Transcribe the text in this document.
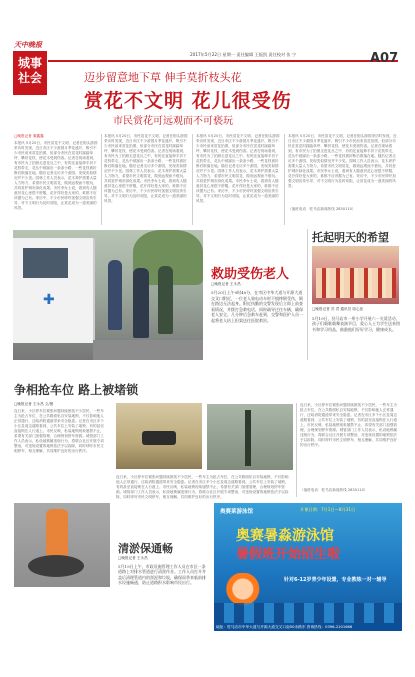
天中晚报
城事
社会
2017年5月22日 星期一 责任编辑 王振凯 责任校对 张 宁	A07
迈步留意地下草 伸手莫折枝头花
赏花不文明 花儿很受伤
市民赏花可远观而不可亵玩
□晚报记者 秦鑫鑫
本报讯 5月20日，市民赏花不文明，记者在街头游园采访时发现，近日市区不少游园月季花盛开，吸引不少市民前来赏花拍照，但部分市民在赏花时踩踏草坪、攀折花枝，使花木受到伤害。记者在现场看到，有市民为了拍照走进花丛之中，有的还直接伸手折下花枝带走，花丛中被踩出一条条小路，一些花枝被折断后散落在地。随后记者走访多个游园，发现类似情况并不少见。园林工作人员表示，花木养护需要大量人力物力，希望市民文明赏花，做到远观而不亵玩，共同爱护城市绿化成果。市民李女士说，看到有人随意折花心里很不舒服，花开得好是大家的，谁都不应该据为己有。采访中，不少市民呼吁加强文明宣传引导，对不文明行为及时劝阻，让赏花成为一道美丽的风景。
本报讯 5月20日，市民赏花不文明，记者在街头游园采访时发现，近日市区不少游园月季花盛开，吸引不少市民前来赏花拍照，但部分市民在赏花时踩踏草坪、攀折花枝，使花木受到伤害。记者在现场看到，有市民为了拍照走进花丛之中，有的还直接伸手折下花枝带走，花丛中被踩出一条条小路，一些花枝被折断后散落在地。随后记者走访多个游园，发现类似情况并不少见。园林工作人员表示，花木养护需要大量人力物力，希望市民文明赏花，做到远观而不亵玩，共同爱护城市绿化成果。市民李女士说，看到有人随意折花心里很不舒服，花开得好是大家的，谁都不应该据为己有。采访中，不少市民呼吁加强文明宣传引导，对不文明行为及时劝阻，让赏花成为一道美丽的风景。
本报讯 5月20日，市民赏花不文明，记者在街头游园采访时发现，近日市区不少游园月季花盛开，吸引不少市民前来赏花拍照，但部分市民在赏花时踩踏草坪、攀折花枝，使花木受到伤害。记者在现场看到，有市民为了拍照走进花丛之中，有的还直接伸手折下花枝带走，花丛中被踩出一条条小路，一些花枝被折断后散落在地。随后记者走访多个游园，发现类似情况并不少见。园林工作人员表示，花木养护需要大量人力物力，希望市民文明赏花，做到远观而不亵玩，共同爱护城市绿化成果。市民李女士说，看到有人随意折花心里很不舒服，花开得好是大家的，谁都不应该据为己有。采访中，不少市民呼吁加强文明宣传引导，对不文明行为及时劝阻，让赏花成为一道美丽的风景。
本报讯 5月20日，市民赏花不文明，记者在街头游园采访时发现，近日市区不少游园月季花盛开，吸引不少市民前来赏花拍照，但部分市民在赏花时踩踏草坪、攀折花枝，使花木受到伤害。记者在现场看到，有市民为了拍照走进花丛之中，有的还直接伸手折下花枝带走，花丛中被踩出一条条小路，一些花枝被折断后散落在地。随后记者走访多个游园，发现类似情况并不少见。园林工作人员表示，花木养护需要大量人力物力，希望市民文明赏花，做到远观而不亵玩，共同爱护城市绿化成果。市民李女士说，看到有人随意折花心里很不舒服，花开得好是大家的，谁都不应该据为己有。采访中，不少市民呼吁加强文明宣传引导，对不文明行为及时劝阻，让赏花成为一道美丽的风景。
（值班电话：驻马店新闻热线 2830110）
✚
救助受伤老人
□晚报记者 王永昌
5月20日上午9时40分，在市区中华大道与开源大道交叉口附近，一位老人骑电动车时不慎摔倒受伤，倒在路边无法起身。附近执勤的交警发现后立即上前查看情况，并拨打急救电话，同时疏导过往车辆，确保老人安全。几分钟后急救车赶到，交警和医护人员一起将老人抬上担架送往医院救治。
托起明天的希望
□晚报记者 苏 君 通讯员 周心蕊
5月19日，驻马店市一所小学开展六一关爱活动，孩子们载歌载舞表演节目，爱心人士为学生送来图书和学习用品，鼓励他们好好学习，健康成长。
争相抢车位 路上被堵锁
□晚报记者 王永昌 文/图
连日来，小区停车位紧张问题持续困扰不少居民，一些车主为抢占车位，在公共路面私自安装地锁，不仅影响他人正常通行，还给消防通道带来安全隐患。记者在市区多个小区及周边道路看到，公共车位上安装了地锁，有的甚至直接锁在人行道上。市民反映，私装地锁现象屡禁不止，希望有关部门加强管理，合理规划停车资源。城管部门工作人员表示，私设地锁属违规行为，将联合社区开展专项整治，对违规设置的地锁依法予以拆除，同时呼吁市民文明停车，相互理解，共同维护良好的出行秩序。
连日来，小区停车位紧张问题持续困扰不少居民，一些车主为抢占车位，在公共路面私自安装地锁，不仅影响他人正常通行，还给消防通道带来安全隐患。记者在市区多个小区及周边道路看到，公共车位上安装了地锁，有的甚至直接锁在人行道上。市民反映，私装地锁现象屡禁不止，希望有关部门加强管理，合理规划停车资源。城管部门工作人员表示，私设地锁属违规行为，将联合社区开展专项整治，对违规设置的地锁依法予以拆除，同时呼吁市民文明停车，相互理解，共同维护良好的出行秩序。
连日来，小区停车位紧张问题持续困扰不少居民，一些车主为抢占车位，在公共路面私自安装地锁，不仅影响他人正常通行，还给消防通道带来安全隐患。记者在市区多个小区及周边道路看到，公共车位上安装了地锁，有的甚至直接锁在人行道上。市民反映，私装地锁现象屡禁不止，希望有关部门加强管理，合理规划停车资源。城管部门工作人员表示，私设地锁属违规行为，将联合社区开展专项整治，对违规设置的地锁依法予以拆除，同时呼吁市民文明停车，相互理解，共同维护良好的出行秩序。
（值班电话：驻马店新闻热线 2830110）
清淤保通畅
□晚报记者 王永昌
5月19日上午，市政设施管理工作人员在市区一条道路上对排水管道进行清淤作业。工作人员打开井盖后清理管道内的淤泥和垃圾，确保雨季来临前排水设施畅通，防止道路积水影响市民出行。
奥赛莱游泳馆	开课日期：7月1日—8月31日
奥赛暑淼游泳馆
暑假班开始招生啦
针对6-12岁青少年设置，专业教练一对一辅导
地址：驻马店市中华大道与开源大道交叉口南50米路东 咨询热线：0396-2101666
